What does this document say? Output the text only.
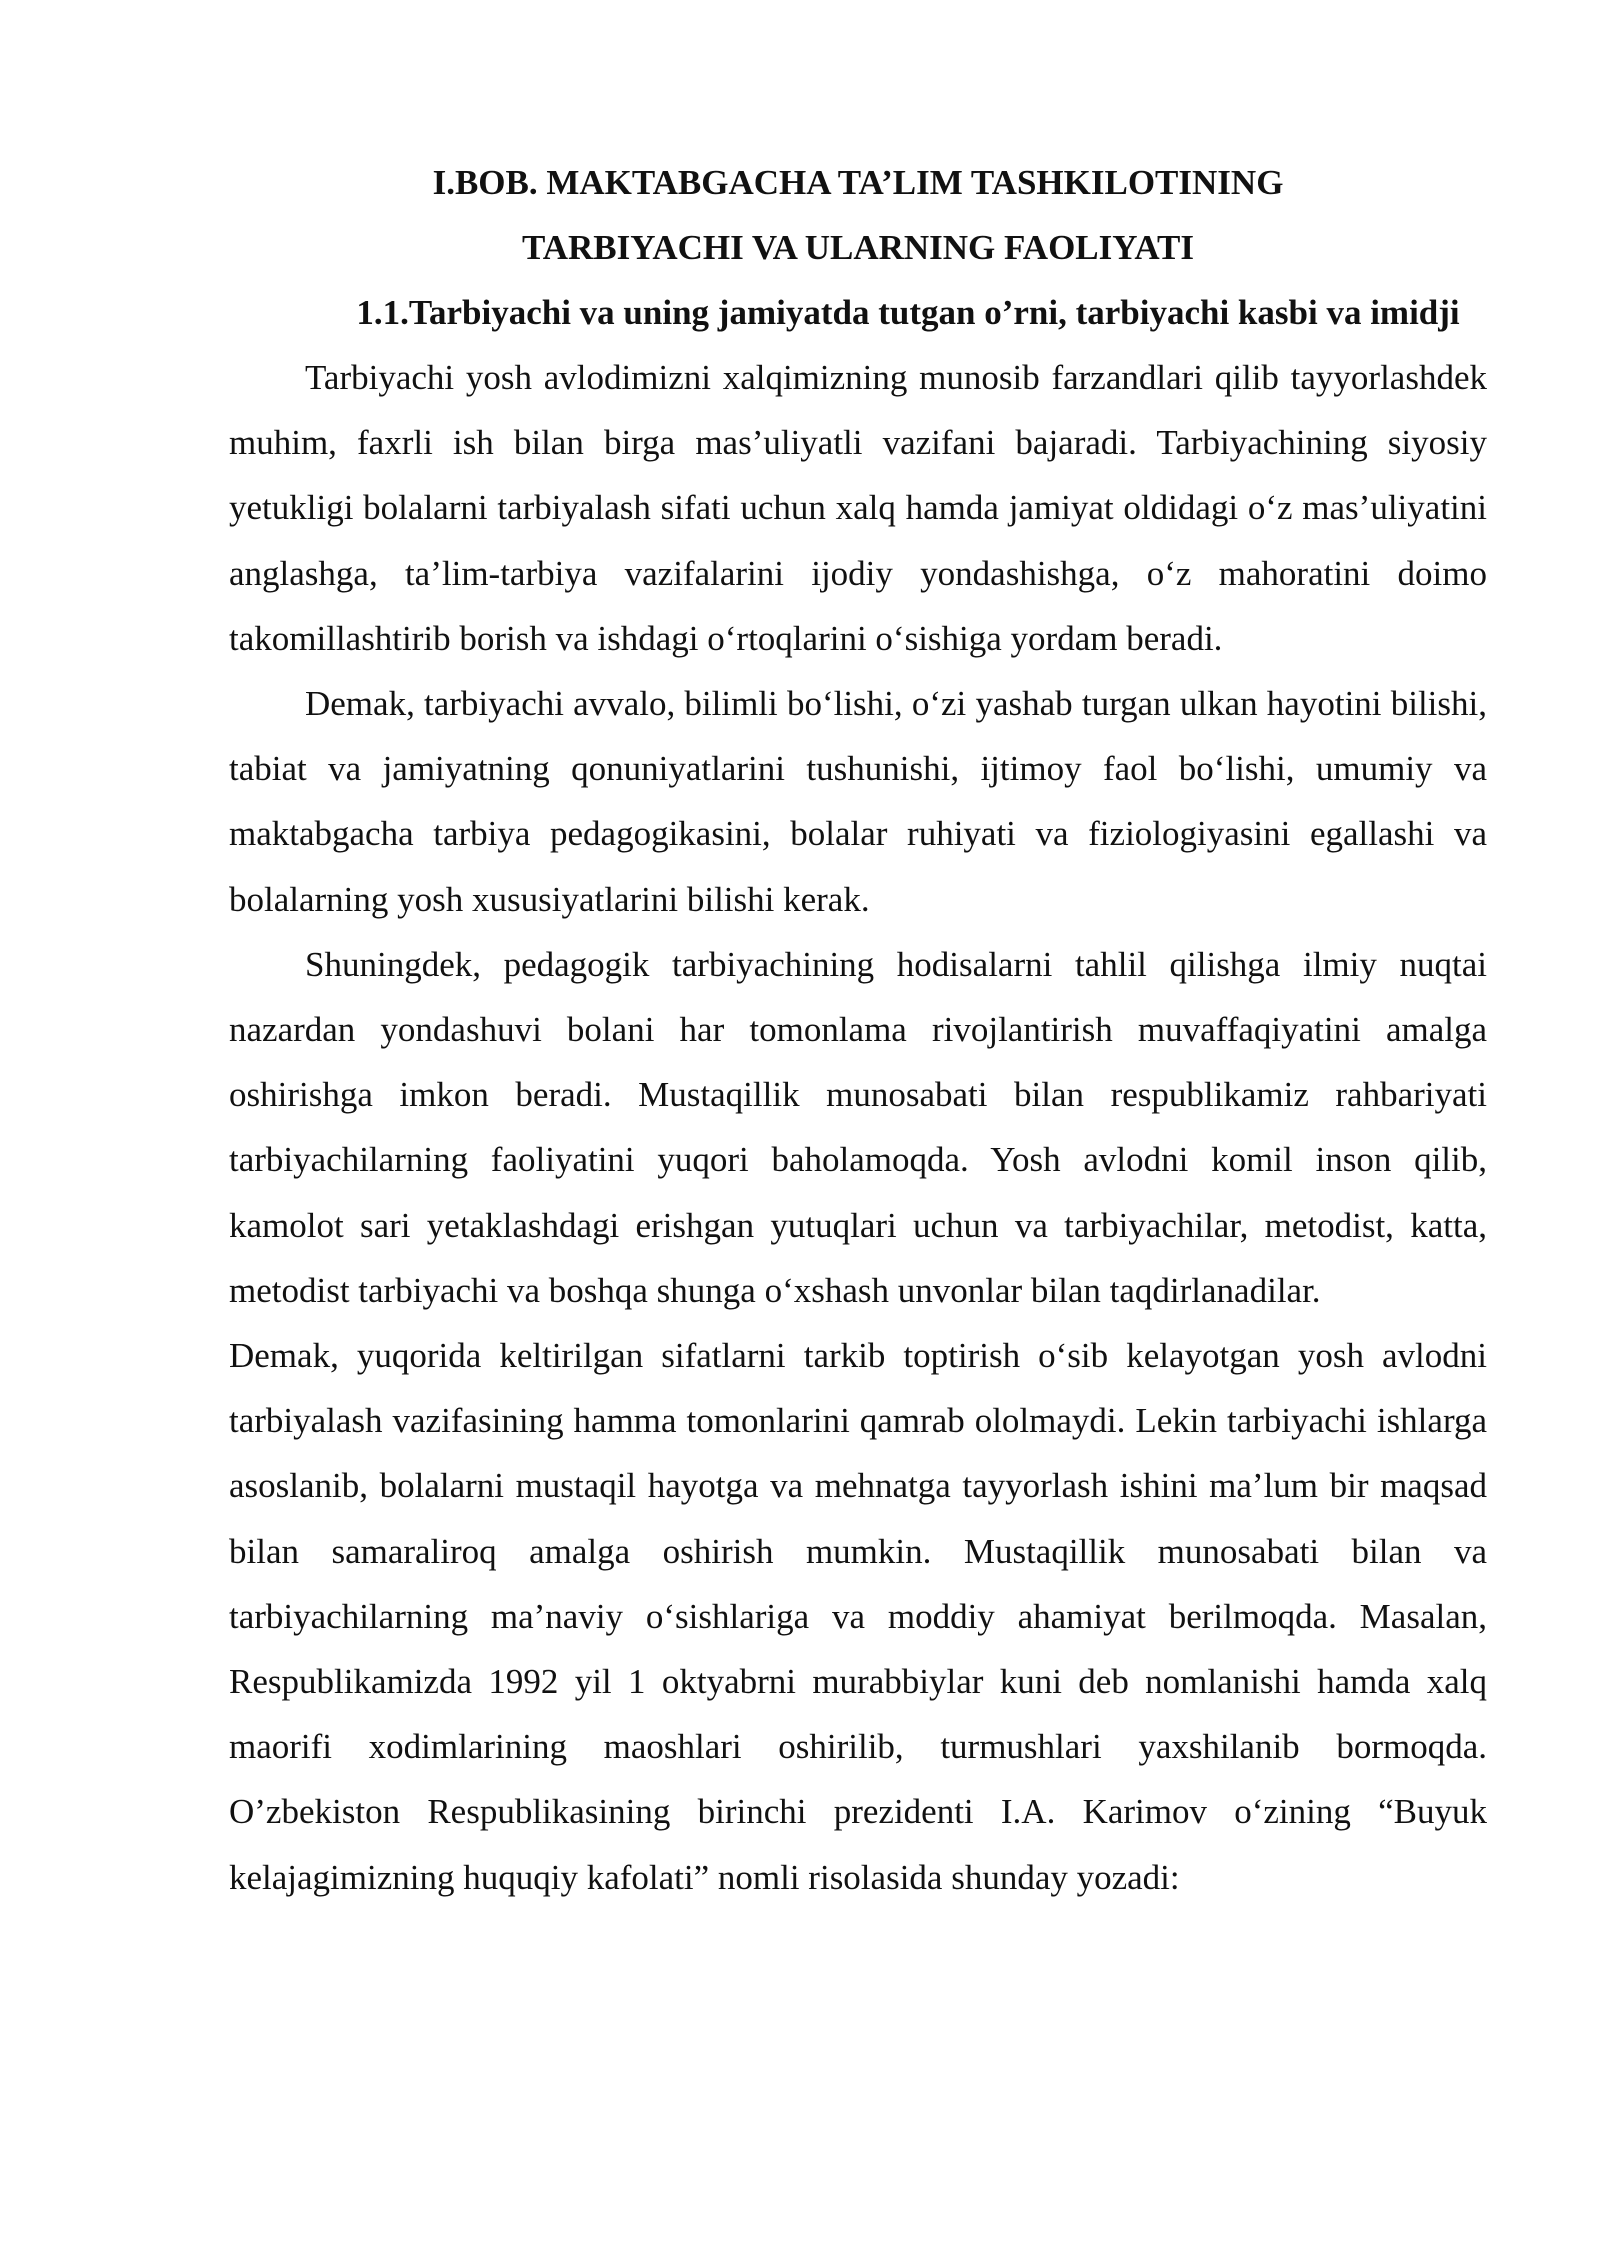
I.BOB. MAKTABGACHA TA’LIM TASHKILOTINING
TARBIYACHI VA ULARNING FAOLIYATI
1.1.Tarbiyachi va uning jamiyatda tutgan o’rni, tarbiyachi kasbi va imidji

Tarbiyachi yosh avlodimizni xalqimizning munosib farzandlari qilib tayyorlashdek muhim, faxrli ish bilan birga mas’uliyatli vazifani bajaradi. Tarbiyachining siyosiy yetukligi bolalarni tarbiyalash sifati uchun xalq hamda jamiyat oldidagi o‘z mas’uliyatini anglashga, ta’lim-tarbiya vazifalarini ijodiy yondashishga, o‘z mahoratini doimo takomillashtirib borish va ishdagi o‘rtoqlarini o‘sishiga yordam beradi.

Demak, tarbiyachi avvalo, bilimli bo‘lishi, o‘zi yashab turgan ulkan hayotini bilishi, tabiat va jamiyatning qonuniyatlarini tushunishi, ijtimoy faol bo‘lishi, umumiy va maktabgacha tarbiya pedagogikasini, bolalar ruhiyati va fiziologiyasini egallashi va bolalarning yosh xususiyatlarini bilishi kerak.

Shuningdek, pedagogik tarbiyachining hodisalarni tahlil qilishga ilmiy nuqtai nazardan yondashuvi bolani har tomonlama rivojlantirish muvaffaqiyatini amalga oshirishga imkon beradi. Mustaqillik munosabati bilan respublikamiz rahbariyati tarbiyachilarning faoliyatini yuqori baholamoqda. Yosh avlodni komil inson qilib, kamolot sari yetaklashdagi erishgan yutuqlari uchun va tarbiyachilar, metodist, katta, metodist tarbiyachi va boshqa shunga o‘xshash unvonlar bilan taqdirlanadilar.

Demak, yuqorida keltirilgan sifatlarni tarkib toptirish o‘sib kelayotgan yosh avlodni tarbiyalash vazifasining hamma tomonlarini qamrab ololmaydi. Lekin tarbiyachi ishlarga asoslanib, bolalarni mustaqil hayotga va mehnatga tayyorlash ishini ma’lum bir maqsad bilan samaraliroq amalga oshirish mumkin. Mustaqillik munosabati bilan va tarbiyachilarning ma’naviy o‘sishlariga va moddiy ahamiyat berilmoqda. Masalan, Respublikamizda 1992 yil 1 oktyabrni murabbiylar kuni deb nomlanishi hamda xalq maorifi xodimlarining maoshlari oshirilib, turmushlari yaxshilanib bormoqda. O’zbekiston Respublikasining birinchi prezidenti I.A. Karimov o‘zining “Buyuk kelajagimizning huquqiy kafolati” nomli risolasida shunday yozadi:
